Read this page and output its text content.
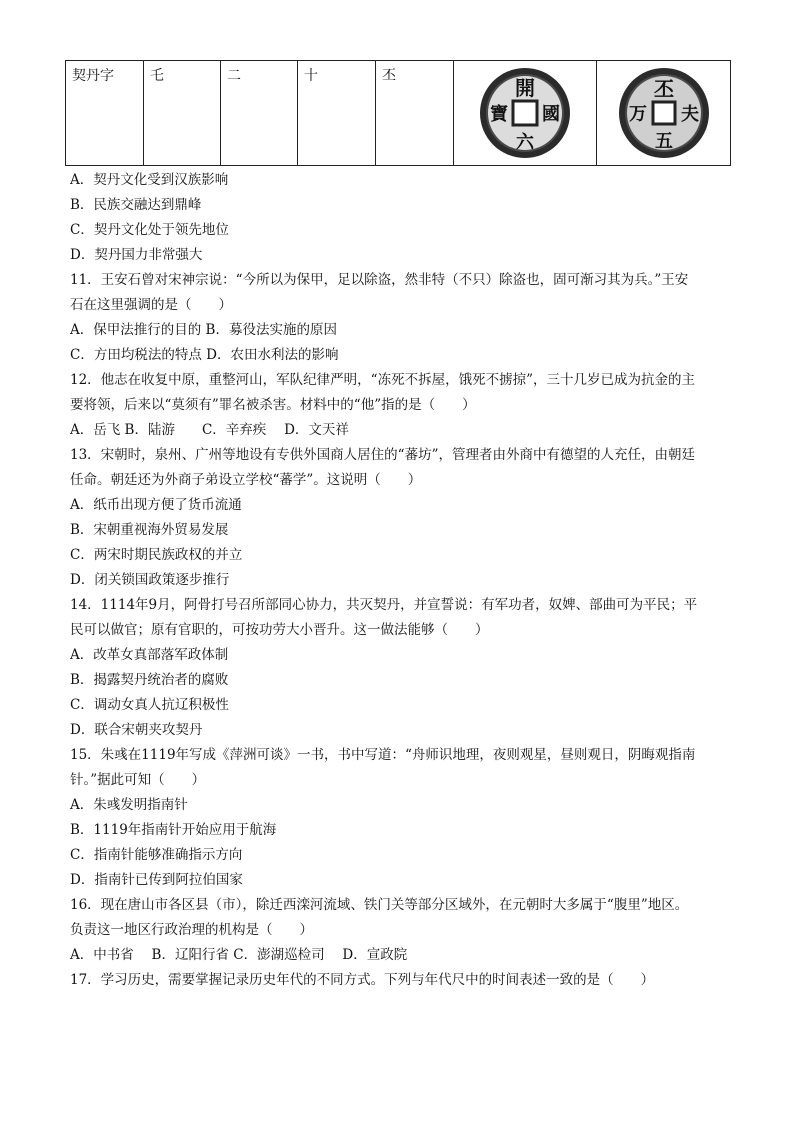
契丹字	乇	二	十	丕	開
六
寶 國

丕
五
万 夫
A．契丹文化受到汉族影响
B．民族交融达到鼎峰
C．契丹文化处于领先地位
D．契丹国力非常强大
11．王安石曾对宋神宗说：“今所以为保甲，足以除盗，然非特（不只）除盗也，固可渐习其为兵。”王安
石在这里强调的是（　　）
A．保甲法推行的目的 B．募役法实施的原因
C．方田均税法的特点 D．农田水利法的影响
12．他志在收复中原，重整河山，军队纪律严明，“冻死不拆屋，饿死不掳掠”，三十几岁已成为抗金的主
要将领，后来以“莫须有”罪名被杀害。材料中的“他”指的是（　　）
A．岳飞 B．陆游　　C．辛弃疾　 D．文天祥
13．宋朝时，泉州、广州等地设有专供外国商人居住的“蕃坊”，管理者由外商中有德望的人充任，由朝廷
任命。朝廷还为外商子弟设立学校“蕃学”。这说明（　　）
A．纸币出现方便了货币流通
B．宋朝重视海外贸易发展
C．两宋时期民族政权的并立
D．闭关锁国政策逐步推行
14．1114年9月，阿骨打号召所部同心协力，共灭契丹，并宣誓说：有军功者，奴婢、部曲可为平民；平
民可以做官；原有官职的，可按功劳大小晋升。这一做法能够（　　）
A．改革女真部落军政体制
B．揭露契丹统治者的腐败
C．调动女真人抗辽积极性
D．联合宋朝夹攻契丹
15．朱彧在1119年写成《萍洲可谈》一书，书中写道：“舟师识地理，夜则观星，昼则观日，阴晦观指南
针。”据此可知（　　）
A．朱彧发明指南针
B．1119年指南针开始应用于航海
C．指南针能够准确指示方向
D．指南针已传到阿拉伯国家
16．现在唐山市各区县（市），除迁西滦河流域、铁门关等部分区域外，在元朝时大多属于“腹里”地区。
负责这一地区行政治理的机构是（　　）
A．中书省　 B．辽阳行省 C．澎湖巡检司　 D．宣政院
17．学习历史，需要掌握记录历史年代的不同方式。下列与年代尺中的时间表述一致的是（　　）
